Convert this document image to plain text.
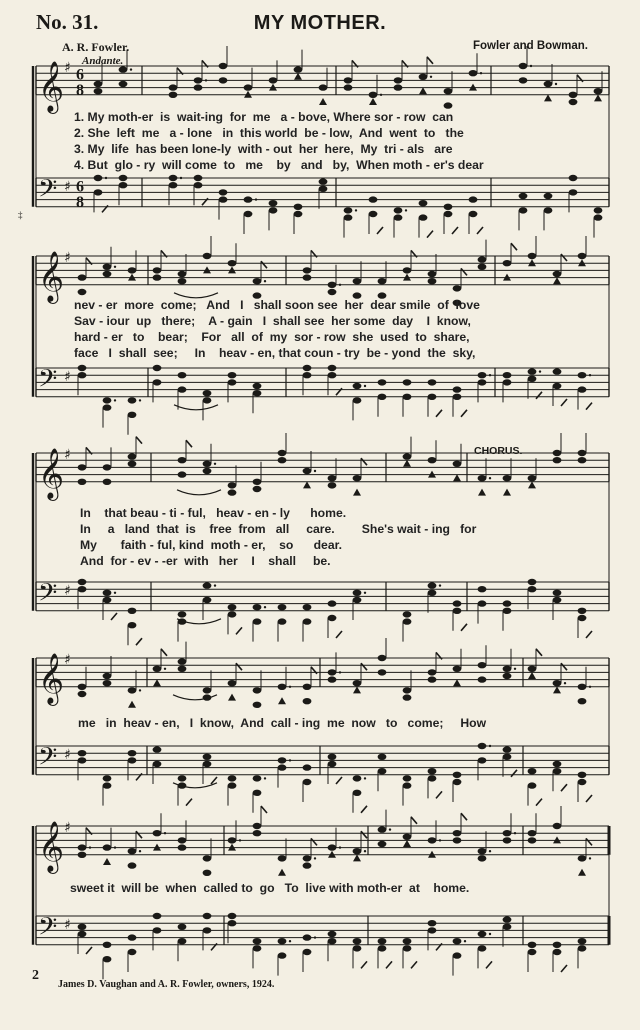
No. 31.	MY MOTHER.
A. R. Fowler.	Fowler and Bowman.
Andante.
CHORUS.
𝄞 ♯ 6
8
𝄢 ♯ 6
8
𝄞 ♯
𝄢 ♯
𝄞 ♯
𝄢 ♯
𝄞 ♯
𝄢 ♯
𝄞 ♯
𝄢 ♯
1. My moth-er  is  wait-ing  for  me   a - bove, Where sor - row  can
2. She  left  me   a - lone   in  this world  be - low,  And  went  to   the
3. My  life  has been lone-ly  with - out  her  here,  My  tri - als   are
4. But  glo - ry  will come  to   me    by   and   by,  When moth - er's dear
nev - er  more  come;   And   I   shall soon see  her  dear smile  of  love
Sav - iour  up   there;    A - gain   I  shall see  her some  day    I  know,
hard - er   to    bear;    For   all  of  my  sor - row  she  used  to  share,
face   I  shall  see;     In    heav - en, that coun - try  be - yond  the  sky,
In    that beau - ti - ful,   heav - en - ly      home.
In     a   land  that  is    free  from   all     care.        She's wait - ing   for
My       faith - ful, kind  moth - er,    so      dear.
And  for - ev - -er  with   her    I    shall     be.
me   in  heav - en,   I  know,  And  call - ing  me  now   to   come;     How
sweet it  will be  when  called to  go   To  live with moth-er  at    home.
‡
2
James D. Vaughan and A. R. Fowler, owners, 1924.
